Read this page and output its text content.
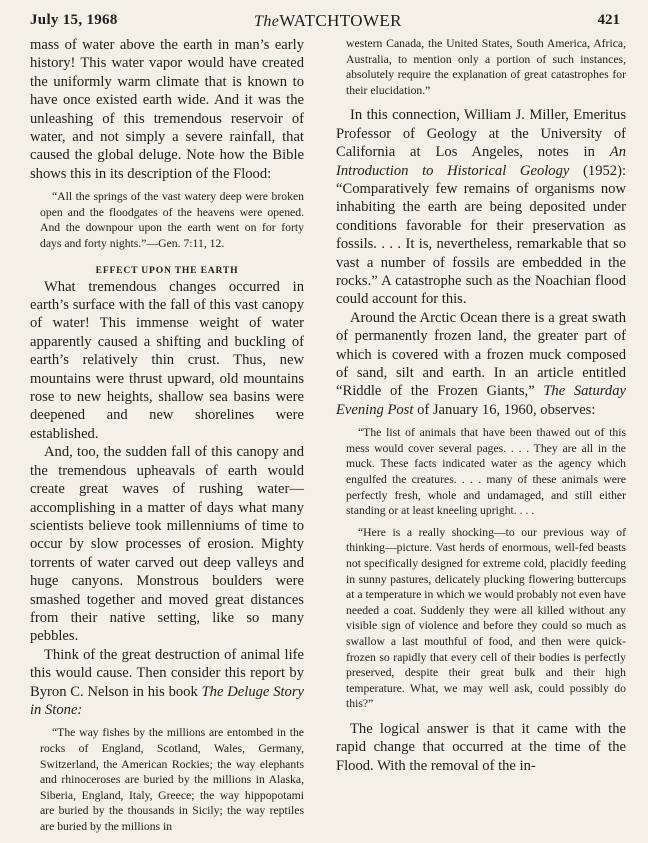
July 15, 1968	TheWATCHTOWER	421

mass of water above the earth in man’s early history! This water vapor would have created the uniformly warm climate that is known to have once existed earth wide. And it was the unleashing of this tremendous reservoir of water, and not simply a severe rainfall, that caused the global deluge. Note how the Bible shows this in its description of the Flood:

“All the springs of the vast watery deep were broken open and the floodgates of the heavens were opened. And the downpour upon the earth went on for forty days and forty nights.”—Gen. 7:11, 12.

EFFECT UPON THE EARTH

What tremendous changes occurred in earth’s surface with the fall of this vast canopy of water! This immense weight of water apparently caused a shifting and buckling of earth’s relatively thin crust. Thus, new mountains were thrust upward, old mountains rose to new heights, shallow sea basins were deepened and new shorelines were established.

And, too, the sudden fall of this canopy and the tremendous upheavals of earth would create great waves of rushing water—accomplishing in a matter of days what many scientists believe took millenniums of time to occur by slow processes of erosion. Mighty torrents of water carved out deep valleys and huge canyons. Monstrous boulders were smashed together and moved great distances from their native setting, like so many pebbles.

Think of the great destruction of animal life this would cause. Then consider this report by Byron C. Nelson in his book The Deluge Story in Stone:

“The way fishes by the millions are entombed in the rocks of England, Scotland, Wales, Germany, Switzerland, the American Rockies; the way elephants and rhinoceroses are buried by the millions in Alaska, Siberia, England, Italy, Greece; the way hippopotami are buried by the thousands in Sicily; the way reptiles are buried by the millions in

western Canada, the United States, South America, Africa, Australia, to mention only a portion of such instances, absolutely require the explanation of great catastrophes for their elucidation.”

In this connection, William J. Miller, Emeritus Professor of Geology at the University of California at Los Angeles, notes in An Introduction to Historical Geology (1952): “Comparatively few remains of organisms now inhabiting the earth are being deposited under conditions favorable for their preservation as fossils. . . . It is, nevertheless, remarkable that so vast a number of fossils are embedded in the rocks.” A catastrophe such as the Noachian flood could account for this.

Around the Arctic Ocean there is a great swath of permanently frozen land, the greater part of which is covered with a frozen muck composed of sand, silt and earth. In an article entitled “Riddle of the Frozen Giants,” The Saturday Evening Post of January 16, 1960, observes:

“The list of animals that have been thawed out of this mess would cover several pages. . . . They are all in the muck. These facts indicated water as the agency which engulfed the creatures. . . . many of these animals were perfectly fresh, whole and undamaged, and still either standing or at least kneeling upright. . . .

“Here is a really shocking—to our previous way of thinking—picture. Vast herds of enormous, well-fed beasts not specifically designed for extreme cold, placidly feeding in sunny pastures, delicately plucking flowering buttercups at a temperature in which we would probably not even have needed a coat. Suddenly they were all killed without any visible sign of violence and before they could so much as swallow a last mouthful of food, and then were quick-frozen so rapidly that every cell of their bodies is perfectly preserved, despite their great bulk and their high temperature. What, we may well ask, could possibly do this?”

The logical answer is that it came with the rapid change that occurred at the time of the Flood. With the removal of the in-
